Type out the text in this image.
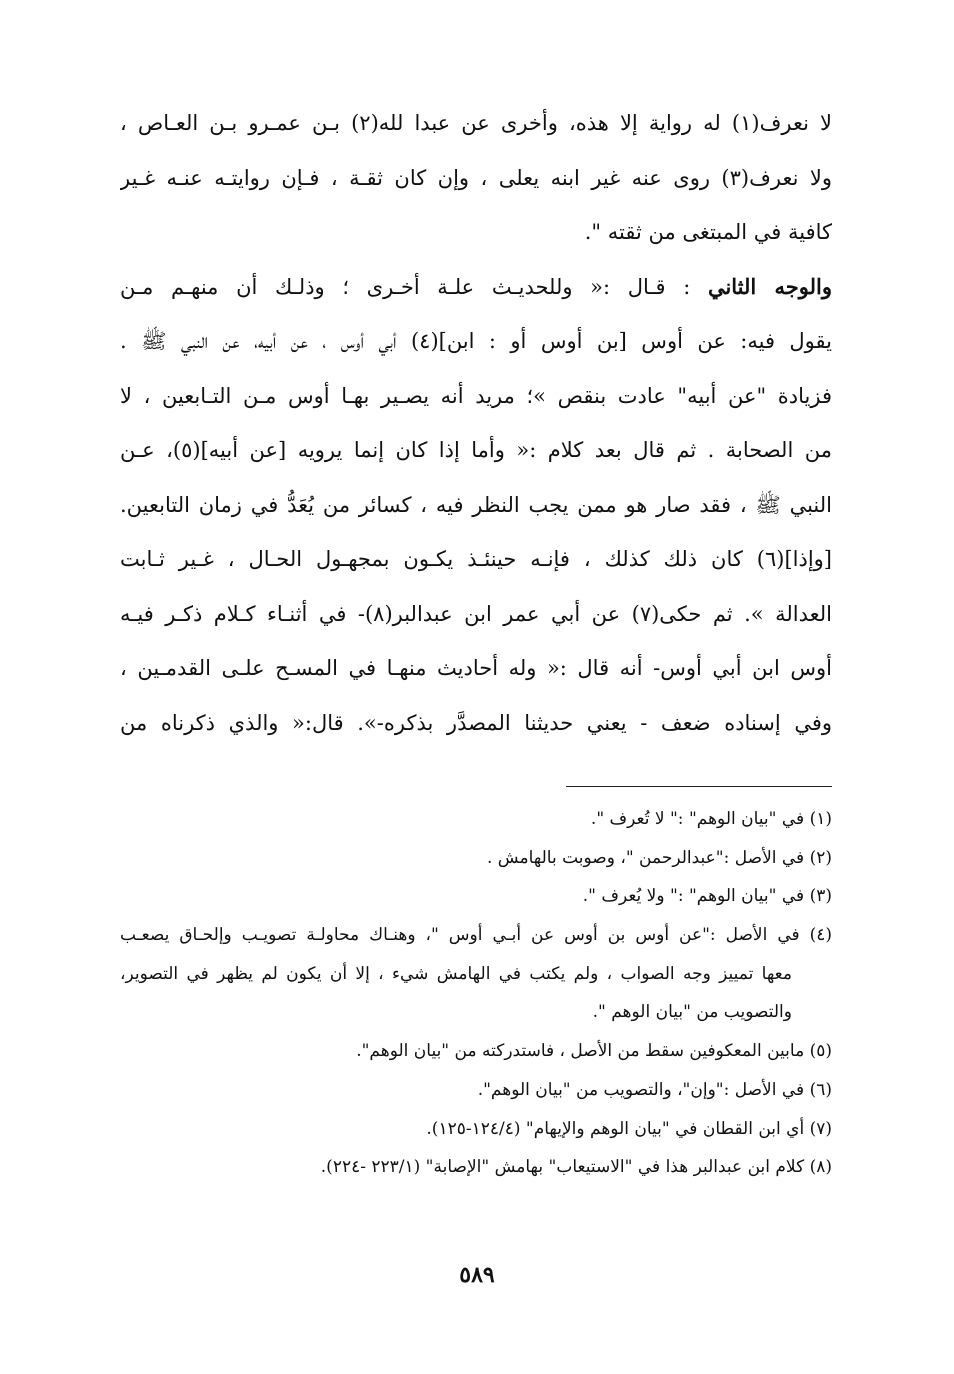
لا نعرف(١) له رواية إلا هذه، وأخرى عن عبدا لله(٢) بـن عمـرو بـن العـاص ،
ولا نعرف(٣) روى عنه غير ابنه يعلى ، وإن كان ثقـة ، فـإن روايتـه عنـه غـير
كافية في المبتغى من ثقته ".
والوجه الثاني : قـال :« وللحديـث علـة أخـرى ؛ وذلـك أن منهـم مـن
يقول فيه: عن أوس [بن أوس أو : ابن](٤) أبي أوس ، عن أبيه، عن النبي ﷺ .
فزيادة "عن أبيه" عادت بنقص »؛ مريد أنه يصـير بهـا أوس مـن التـابعين ، لا
من الصحابة . ثم قال بعد كلام :« وأما إذا كان إنما يرويه [عن أبيه](٥)، عـن
النبي ﷺ ، فقد صار هو ممن يجب النظر فيه ، كسائر من يُعَدُّ في زمان التابعين.
[وإذا](٦) كان ذلك كذلك ، فإنـه حينئـذ يكـون بمجهـول الحـال ، غـير ثـابت
العدالة ». ثم حكى(٧) عن أبي عمر ابن عبدالبر(٨)- في أثنـاء كـلام ذكـر فيـه
أوس ابن أبي أوس- أنه قال :« وله أحاديث منهـا في المسـح علـى القدمـين ،
وفي إسناده ضعف - يعني حديثنا المصدَّر بذكره-». قال:« والذي ذكرناه من
(١) في "بيان الوهم" :" لا تُعرف ".
(٢) في الأصل :"عبدالرحمن "، وصوبت بالهامش .
(٣) في "بيان الوهم" :" ولا يُعرف ".
(٤) في الأصل :"عن أوس بن أوس عن أبـي أوس "، وهنـاك محاولـة تصويـب وإلحـاق يصعـب
معها تمييز وجه الصواب ، ولم يكتب في الهامش شيء ، إلا أن يكون لم يظهر في التصوير،
والتصويب من "بيان الوهم ".
(٥) مابين المعكوفين سقط من الأصل ، فاستدركته من "بيان الوهم".
(٦) في الأصل :"وإن"، والتصويب من "بيان الوهم".
(٧) أي ابن القطان في "بيان الوهم والإيهام" (١٢٤/٤-١٢٥).
(٨) كلام ابن عبدالبر هذا في "الاستيعاب" بهامش "الإصابة" (٢٢٣/١ -٢٢٤).
٥٨٩
